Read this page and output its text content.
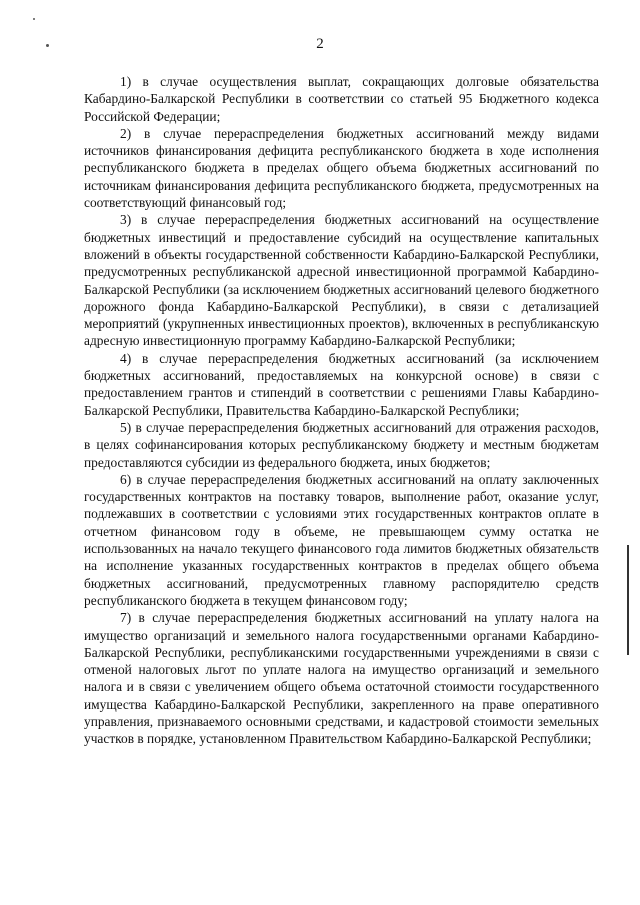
2

1) в случае осуществления выплат, сокращающих долговые обязательства Кабардино-Балкарской Республики в соответствии со статьей 95 Бюджетного кодекса Российской Федерации;

2) в случае перераспределения бюджетных ассигнований между видами источников финансирования дефицита республиканского бюджета в ходе исполнения республиканского бюджета в пределах общего объема бюджетных ассигнований по источникам финансирования дефицита республиканского бюджета, предусмотренных на соответствующий финансовый год;

3) в случае перераспределения бюджетных ассигнований на осуществление бюджетных инвестиций и предоставление субсидий на осуществление капитальных вложений в объекты государственной собственности Кабардино-Балкарской Республики, предусмотренных республиканской адресной инвестиционной программой Кабардино-Балкарской Республики (за исключением бюджетных ассигнований целевого бюджетного дорожного фонда Кабардино-Балкарской Республики), в связи с детализацией мероприятий (укрупненных инвестиционных проектов), включенных в республиканскую адресную инвестиционную программу Кабардино-Балкарской Республики;

4) в случае перераспределения бюджетных ассигнований (за исключением бюджетных ассигнований, предоставляемых на конкурсной основе) в связи с предоставлением грантов и стипендий в соответствии с решениями Главы Кабардино-Балкарской Республики, Правительства Кабардино-Балкарской Республики;

5) в случае перераспределения бюджетных ассигнований для отражения расходов, в целях софинансирования которых республиканскому бюджету и местным бюджетам предоставляются субсидии из федерального бюджета, иных бюджетов;

6) в случае перераспределения бюджетных ассигнований на оплату заключенных государственных контрактов на поставку товаров, выполнение работ, оказание услуг, подлежавших в соответствии с условиями этих государственных контрактов оплате в отчетном финансовом году в объеме, не превышающем сумму остатка не использованных на начало текущего финансового года лимитов бюджетных обязательств на исполнение указанных государственных контрактов в пределах общего объема бюджетных ассигнований, предусмотренных главному распорядителю средств республиканского бюджета в текущем финансовом году;

7) в случае перераспределения бюджетных ассигнований на уплату налога на имущество организаций и земельного налога государственными органами Кабардино-Балкарской Республики, республиканскими государственными учреждениями в связи с отменой налоговых льгот по уплате налога на имущество организаций и земельного налога и в связи с увеличением общего объема остаточной стоимости государственного имущества Кабардино-Балкарской Республики, закрепленного на праве оперативного управления, признаваемого основными средствами, и кадастровой стоимости земельных участков в порядке, установленном Правительством Кабардино-Балкарской Республики;
